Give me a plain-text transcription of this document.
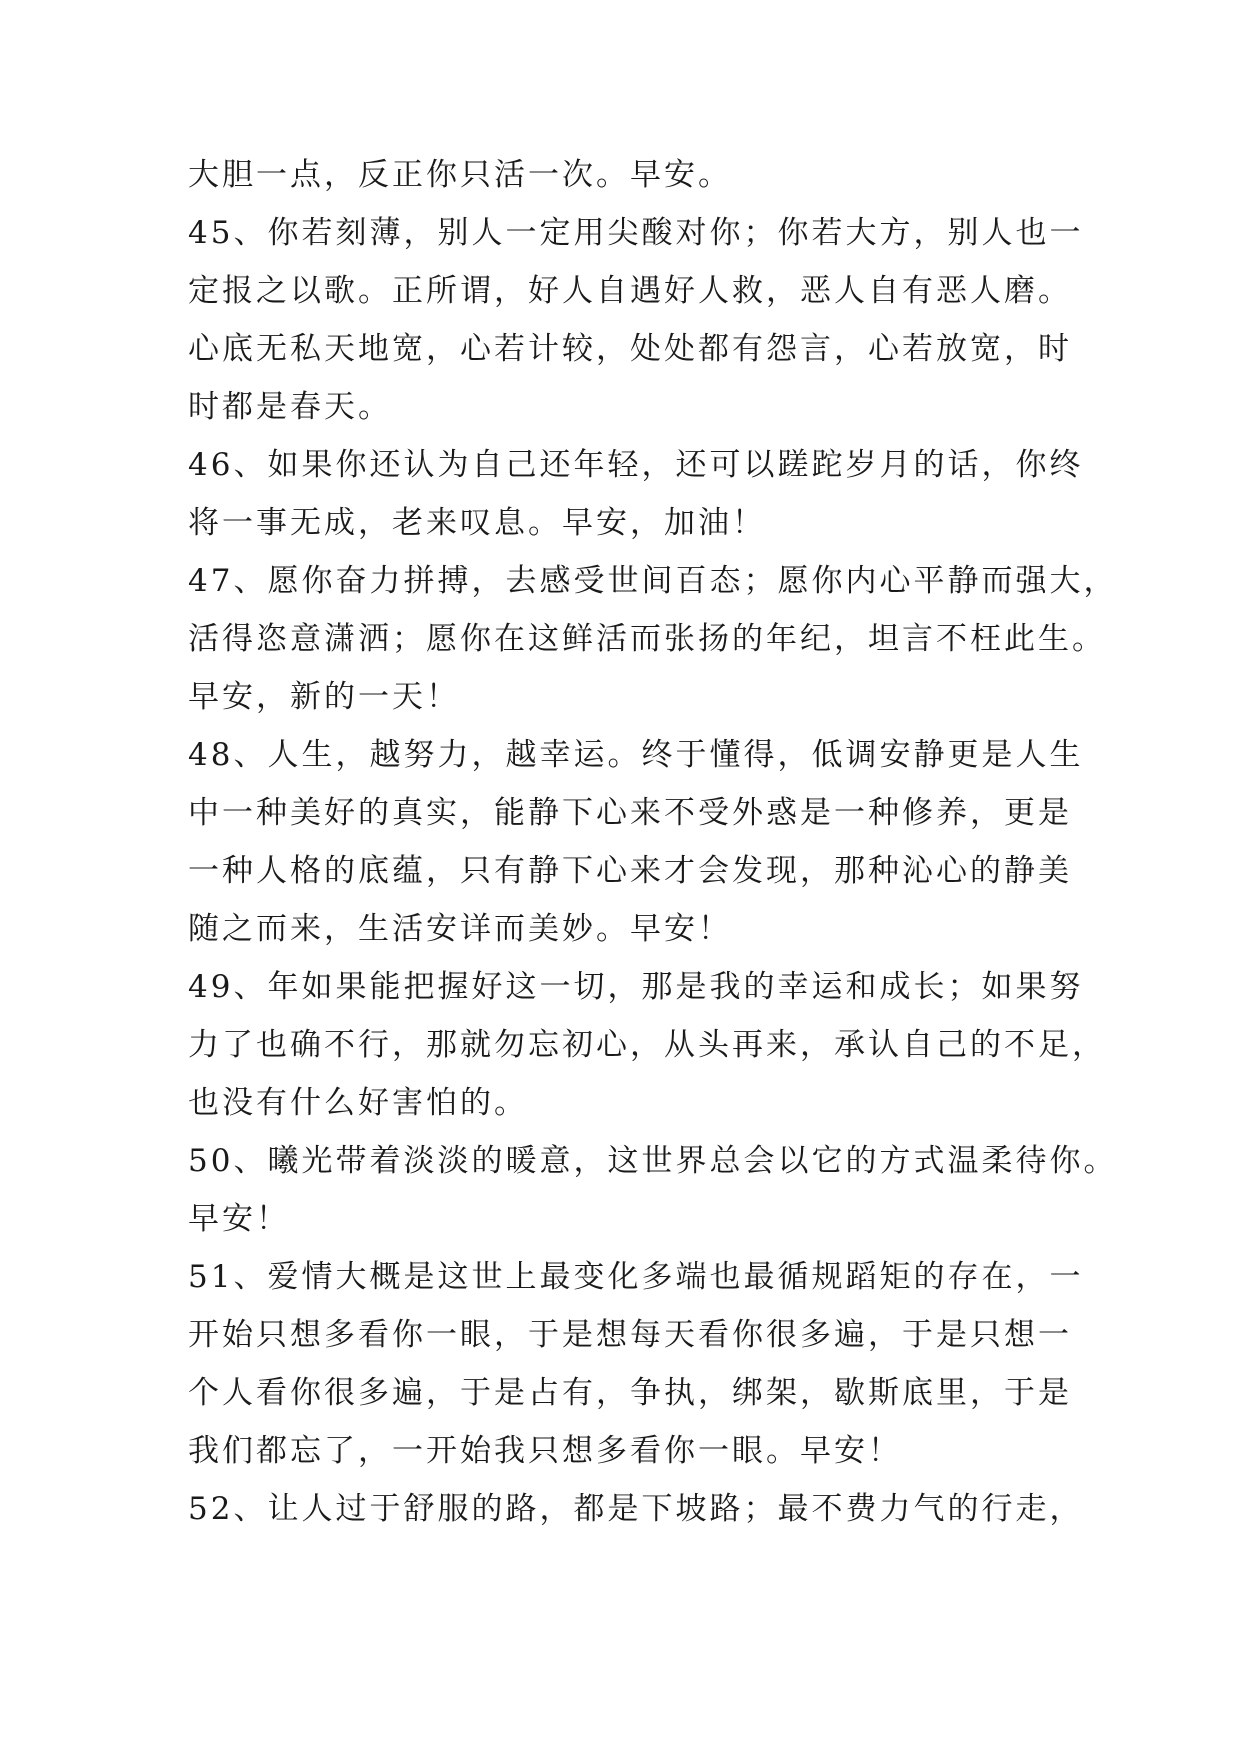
大胆一点，反正你只活一次。早安。
45、你若刻薄，别人一定用尖酸对你；你若大方，别人也一
定报之以歌。正所谓，好人自遇好人救，恶人自有恶人磨。
心底无私天地宽，心若计较，处处都有怨言，心若放宽，时
时都是春天。
46、如果你还认为自己还年轻，还可以蹉跎岁月的话，你终
将一事无成，老来叹息。早安，加油！
47、愿你奋力拼搏，去感受世间百态；愿你内心平静而强大，
活得恣意潇洒；愿你在这鲜活而张扬的年纪，坦言不枉此生。
早安，新的一天！
48、人生，越努力，越幸运。终于懂得，低调安静更是人生
中一种美好的真实，能静下心来不受外惑是一种修养，更是
一种人格的底蕴，只有静下心来才会发现，那种沁心的静美
随之而来，生活安详而美妙。早安！
49、年如果能把握好这一切，那是我的幸运和成长；如果努
力了也确不行，那就勿忘初心，从头再来，承认自己的不足，
也没有什么好害怕的。
50、曦光带着淡淡的暖意，这世界总会以它的方式温柔待你。
早安！
51、爱情大概是这世上最变化多端也最循规蹈矩的存在，一
开始只想多看你一眼，于是想每天看你很多遍，于是只想一
个人看你很多遍，于是占有，争执，绑架，歇斯底里，于是
我们都忘了，一开始我只想多看你一眼。早安！
52、让人过于舒服的路，都是下坡路；最不费力气的行走，
